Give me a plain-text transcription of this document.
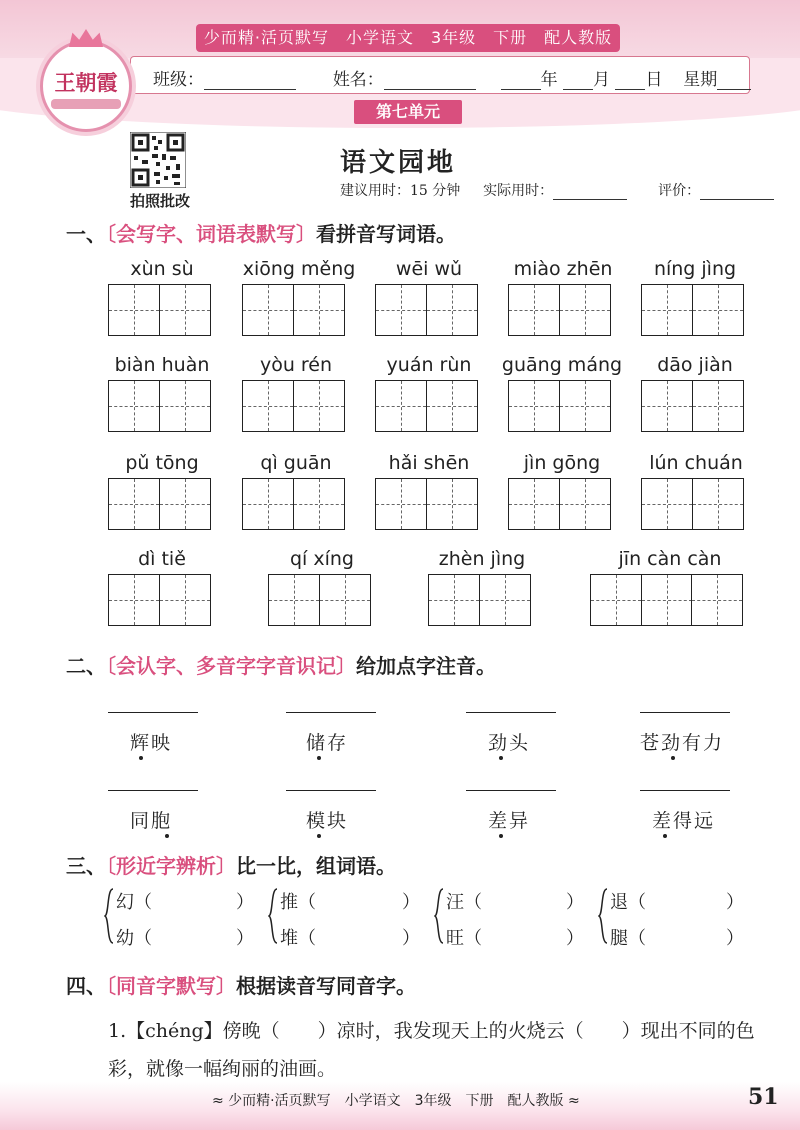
少而精·活页默写　小学语文　3年级　下册　配人教版
班级：	姓名：	年 月 日 星期
王朝霞
第七单元
拍照批改
语文园地
建议用时：15 分钟 实际用时：	评价：
一、〔会写字、词语表默写〕看拼音写词语。
xùn sù	xiōng měng	wēi wǔ	miào zhēn	níng jìng
biàn huàn	yòu rén	yuán rùn	guāng máng	dāo jiàn
pǔ tōng	qì guān	hǎi shēn	jìn gōng	lún chuán
dì tiě	qí xíng	zhèn jìng	jīn càn càn
二、〔会认字、多音字字音识记〕给加点字注音。
辉映	储存	劲头	苍劲有力
同胞	模块	差异	差得远
三、〔形近字辨析〕比一比，组词语。
幻（	）
幼（	）
推（	）
堆（	）
汪（	）
旺（	）
退（	）
腿（	）
四、〔同音字默写〕根据读音写同音字。
1.【chéng】傍晚（　　）凉时，我发现天上的火烧云（　　）现出不同的色彩，就像一幅绚丽的油画。
≈ 少而精·活页默写　小学语文　3年级　下册　配人教版 ≈	51
